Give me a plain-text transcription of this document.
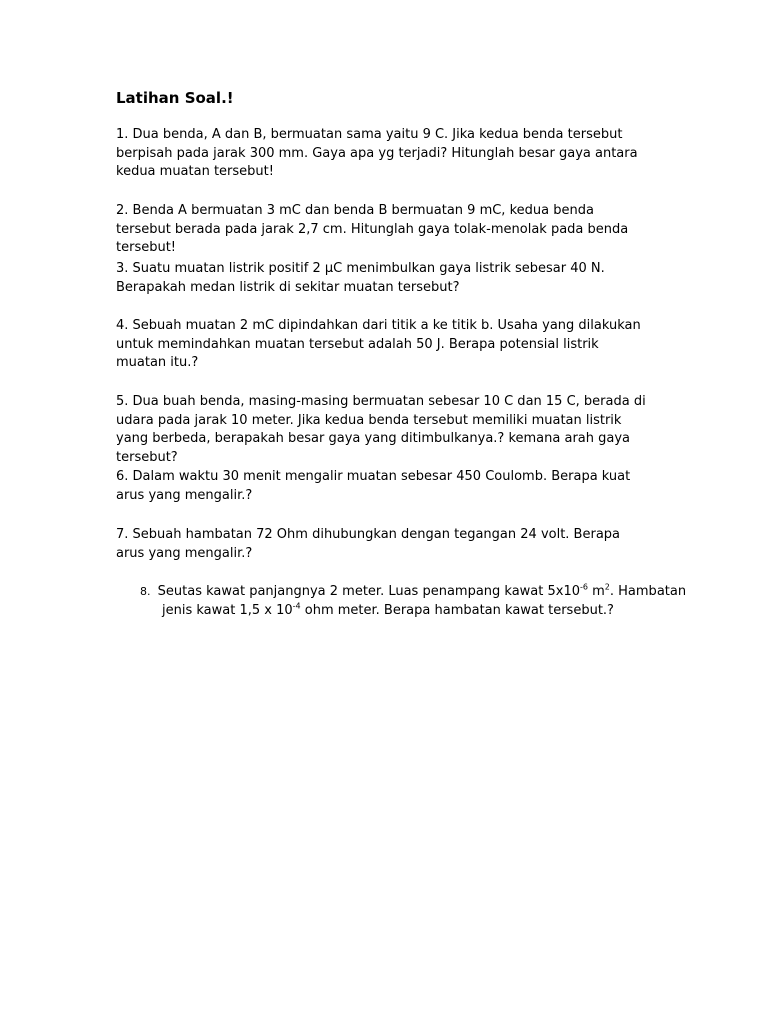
Latihan Soal.!
1. Dua benda, A dan B, bermuatan sama yaitu 9 C. Jika kedua benda tersebut berpisah pada jarak 300 mm. Gaya apa yg terjadi? Hitunglah besar gaya antara kedua muatan tersebut!
2. Benda A bermuatan 3 mC dan benda B bermuatan 9 mC, kedua benda tersebut berada pada jarak 2,7 cm. Hitunglah gaya tolak-menolak pada benda tersebut!
3. Suatu muatan listrik positif 2 µC menimbulkan gaya listrik sebesar 40 N. Berapakah medan listrik di sekitar muatan tersebut?
4. Sebuah muatan 2 mC dipindahkan dari titik a ke titik b. Usaha yang dilakukan untuk memindahkan muatan tersebut adalah 50 J. Berapa potensial listrik muatan itu.?
5. Dua buah benda, masing-masing bermuatan sebesar 10 C dan 15 C, berada di udara pada jarak 10 meter. Jika kedua benda tersebut memiliki muatan listrik yang berbeda, berapakah besar gaya yang ditimbulkanya.? kemana arah gaya tersebut?
6. Dalam waktu 30 menit mengalir muatan sebesar 450 Coulomb. Berapa kuat arus yang mengalir.?
7. Sebuah hambatan 72 Ohm dihubungkan dengan tegangan 24 volt. Berapa arus yang mengalir.?
8. Seutas kawat panjangnya 2 meter. Luas penampang kawat $5x10^{-6}$ $m^2$. Hambatan
jenis kawat 1,5 x $10^{-4}$ ohm meter. Berapa hambatan kawat tersebut.?
